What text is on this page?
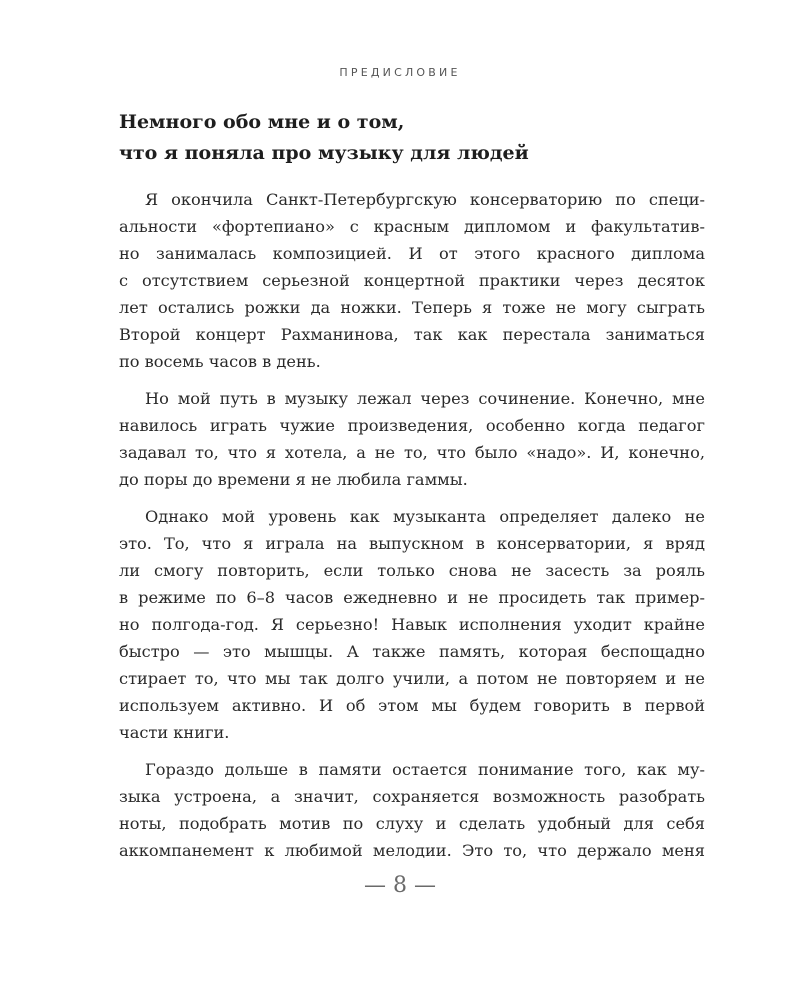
ПРЕДИСЛОВИЕ
Немного обо мне и о том,
что я поняла про музыку для людей
Я окончила Санкт-Петербургскую консерваторию по специ-
альности «фортепиано» с красным дипломом и факультатив-
но занималась композицией. И от этого красного диплома
с отсутствием серьезной концертной практики через десяток
лет остались рожки да ножки. Теперь я тоже не могу сыграть
Второй концерт Рахманинова, так как перестала заниматься
по восемь часов в день.
Но мой путь в музыку лежал через сочинение. Конечно, мне
навилось играть чужие произведения, особенно когда педагог
задавал то, что я хотела, а не то, что было «надо». И, конечно,
до поры до времени я не любила гаммы.
Однако мой уровень как музыканта определяет далеко не
это. То, что я играла на выпускном в консерватории, я вряд
ли смогу повторить, если только снова не засесть за рояль
в режиме по 6–8 часов ежедневно и не просидеть так пример-
но полгода-год. Я серьезно! Навык исполнения уходит крайне
быстро — это мышцы. А также память, которая беспощадно
стирает то, что мы так долго учили, а потом не повторяем и не
используем активно. И об этом мы будем говорить в первой
части книги.
Гораздо дольше в памяти остается понимание того, как му-
зыка устроена, а значит, сохраняется возможность разобрать
ноты, подобрать мотив по слуху и сделать удобный для себя
аккомпанемент к любимой мелодии. Это то, что держало меня
— 8 —
